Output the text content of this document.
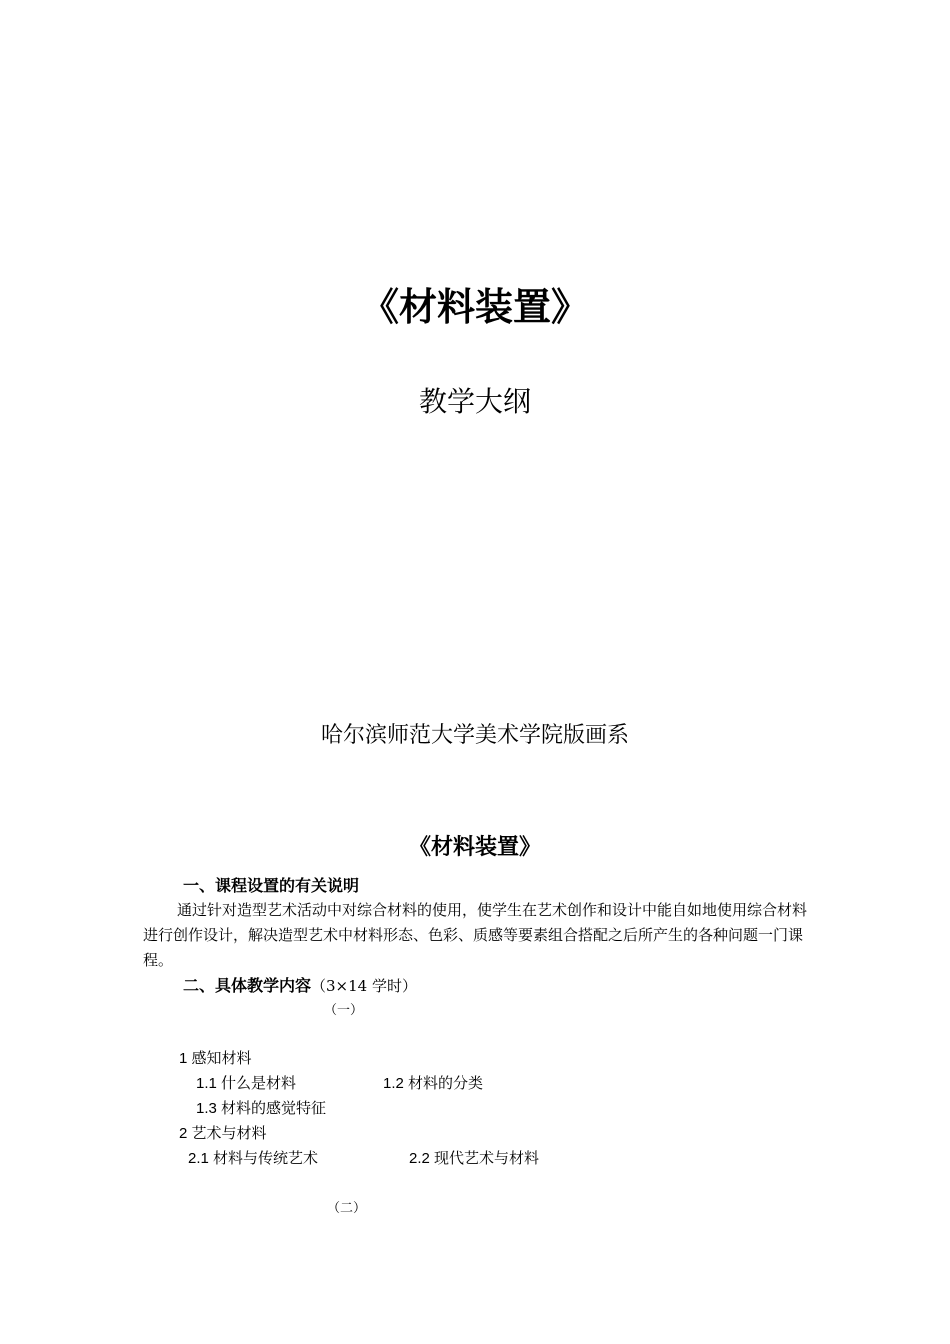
《材料装置》
教学大纲
哈尔滨师范大学美术学院版画系
《材料装置》
一、课程设置的有关说明
通过针对造型艺术活动中对综合材料的使用，使学生在艺术创作和设计中能自如地使用综合材料进行创作设计，解决造型艺术中材料形态、色彩、质感等要素组合搭配之后所产生的各种问题一门课程。
二、具体教学内容（3×14 学时）
（一）
1 感知材料
1.1 什么是材料	1.2 材料的分类
1.3 材料的感觉特征
2 艺术与材料
2.1 材料与传统艺术	2.2 现代艺术与材料
（二）
